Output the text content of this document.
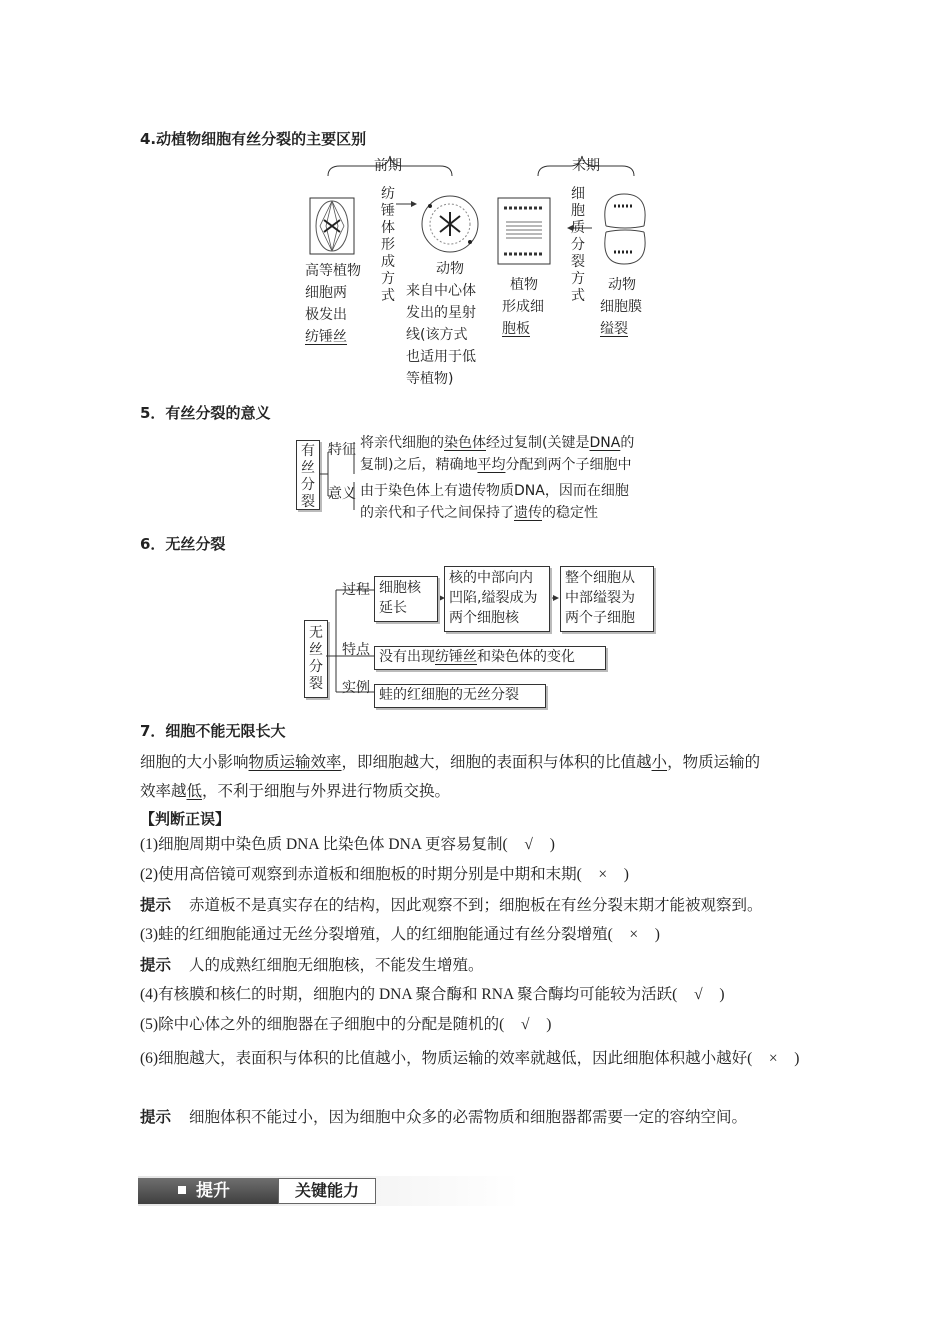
4.动植物细胞有丝分裂的主要区别
前期	末期
纺
锤
体
形
成
方
式
细
胞
质
分
裂
方
式
高等植物
细胞两
极发出
纺锤丝
动物
来自中心体
发出的星射
线(该方式
也适用于低
等植物)
植物
形成细
胞板
动物
细胞膜
缢裂
5．有丝分裂的意义
有
丝
分
裂
特征
意义
将亲代细胞的染色体经过复制(关键是DNA的
复制)之后，精确地平均分配到两个子细胞中
由于染色体上有遗传物质DNA，因而在细胞
的亲代和子代之间保持了遗传的稳定性
6．无丝分裂
无
丝
分
裂
过程
特点
实例
细胞核
延长
核的中部向内
凹陷,缢裂成为
两个细胞核
整个细胞从
中部缢裂为
两个子细胞
没有出现纺锤丝和染色体的变化
蛙的红细胞的无丝分裂
7．细胞不能无限长大
细胞的大小影响物质运输效率，即细胞越大，细胞的表面积与体积的比值越小，物质运输的
效率越低，不利于细胞与外界进行物质交换。
【判断正误】
(1)细胞周期中染色质 DNA 比染色体 DNA 更容易复制( √ )
(2)使用高倍镜可观察到赤道板和细胞板的时期分别是中期和末期( × )
提示 赤道板不是真实存在的结构，因此观察不到；细胞板在有丝分裂末期才能被观察到。
(3)蛙的红细胞能通过无丝分裂增殖，人的红细胞能通过有丝分裂增殖( × )
提示 人的成熟红细胞无细胞核，不能发生增殖。
(4)有核膜和核仁的时期，细胞内的 DNA 聚合酶和 RNA 聚合酶均可能较为活跃( √ )
(5)除中心体之外的细胞器在子细胞中的分配是随机的( √ )
(6)细胞越大，表面积与体积的比值越小，物质运输的效率就越低，因此细胞体积越小越好( × )
提示 细胞体积不能过小，因为细胞中众多的必需物质和细胞器都需要一定的容纳空间。
提升	关键能力
